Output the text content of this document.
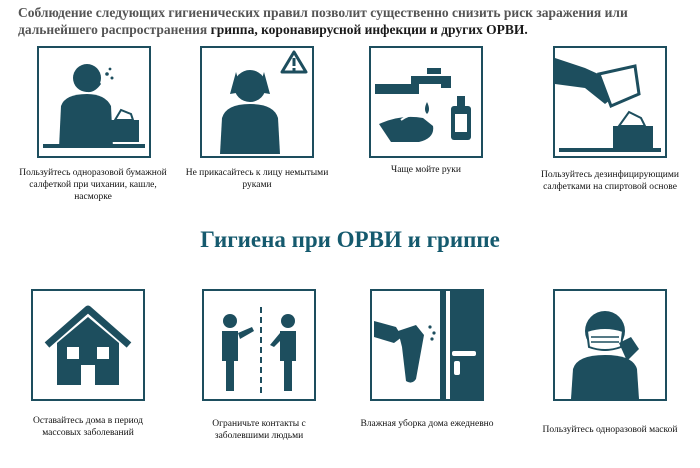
Соблюдение следующих гигиенических правил позволит существенно снизить риск заражения или дальнейшего распространения гриппа, коронавирусной инфекции и других ОРВИ.
Пользуйтесь одноразовой бумажной салфеткой при чихании, кашле, насморке
Не прикасайтесь к лицу немытыми руками
Чаще мойте руки	Пользуйтесь дезинфицирующими салфетками на спиртовой основе
Гигиена при ОРВИ и гриппе
Оставайтесь дома в период массовых заболеваний
Ограничьте контакты с заболевшими людьми
Влажная уборка дома ежедневно
Пользуйтесь одноразовой маской
